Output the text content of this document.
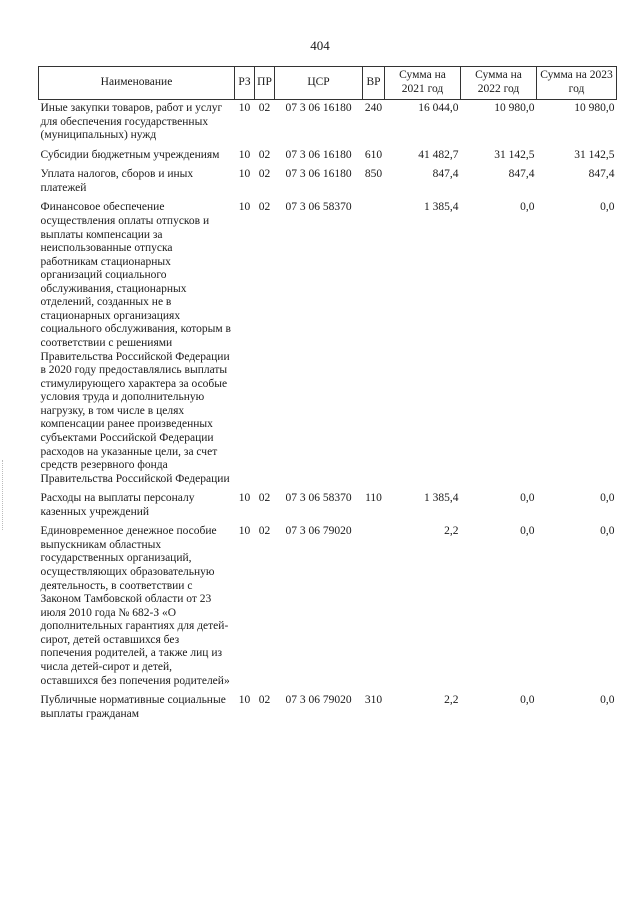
404
Наименование	РЗ	ПР	ЦСР	ВР	Сумма на 2021 год	Сумма на 2022 год	Сумма на 2023 год
Иные закупки товаров, работ и услуг для обеспечения государственных (муниципальных) нужд	10	02	07 3 06 16180	240	16 044,0	10 980,0	10 980,0
Субсидии бюджетным учреждениям	10	02	07 3 06 16180	610	41 482,7	31 142,5	31 142,5
Уплата налогов, сборов и иных платежей	10	02	07 3 06 16180	850	847,4	847,4	847,4
Финансовое обеспечение осуществления оплаты отпусков и выплаты компенсации за неиспользованные отпуска работникам стационарных организаций социального обслуживания, стационарных отделений, созданных не в стационарных организациях социального обслуживания, которым в соответствии с решениями Правительства Российской Федерации в 2020 году предоставлялись выплаты стимулирующего характера за особые условия труда и дополнительную нагрузку, в том числе в целях компенсации ранее произведенных субъектами Российской Федерации расходов на указанные цели, за счет средств резервного фонда Правительства Российской Федерации	10	02	07 3 06 58370		1 385,4	0,0	0,0
Расходы на выплаты персоналу казенных учреждений	10	02	07 3 06 58370	110	1 385,4	0,0	0,0
Единовременное денежное пособие выпускникам областных государственных организаций, осуществляющих образовательную деятельность, в соответствии с Законом Тамбовской области от 23 июля 2010 года № 682-З «О дополнительных гарантиях для детей-сирот, детей оставшихся без попечения родителей, а также лиц из числа детей-сирот и детей, оставшихся без попечения родителей»	10	02	07 3 06 79020		2,2	0,0	0,0
Публичные нормативные социальные выплаты гражданам	10	02	07 3 06 79020	310	2,2	0,0	0,0
